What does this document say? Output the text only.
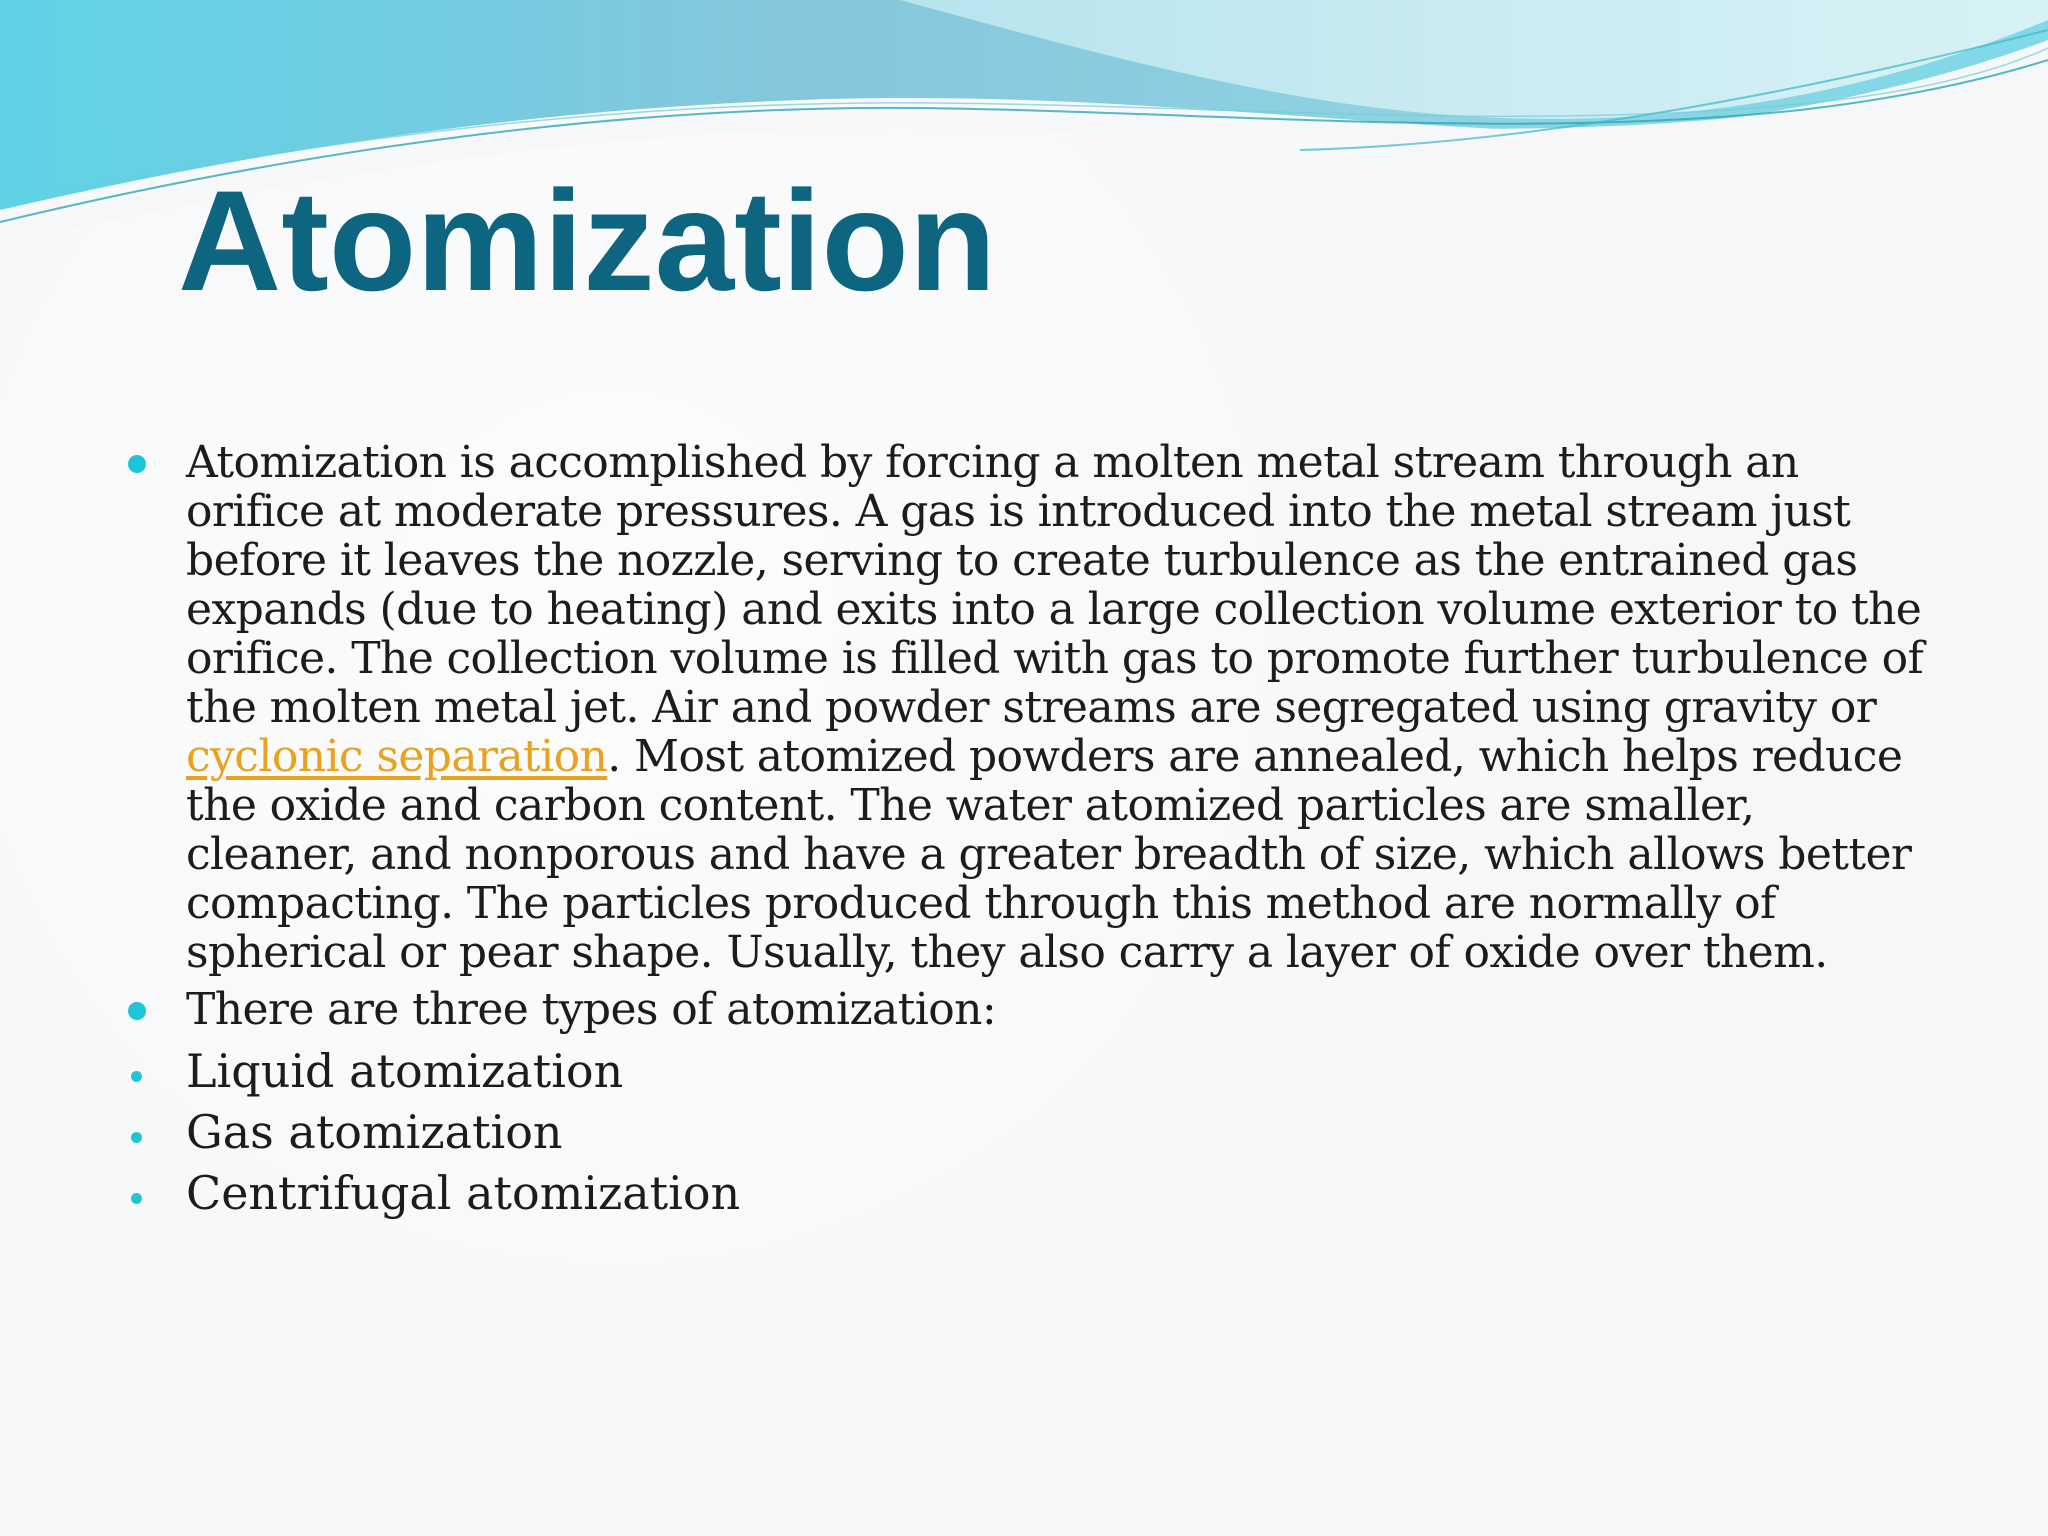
Atomization

Atomization is accomplished by forcing a molten metal stream through an orifice at moderate pressures. A gas is introduced into the metal stream just before it leaves the nozzle, serving to create turbulence as the entrained gas expands (due to heating) and exits into a large collection volume exterior to the orifice. The collection volume is filled with gas to promote further turbulence of the molten metal jet. Air and powder streams are segregated using gravity or cyclonic separation. Most atomized powders are annealed, which helps reduce the oxide and carbon content. The water atomized particles are smaller, cleaner, and nonporous and have a greater breadth of size, which allows better compacting. The particles produced through this method are normally of spherical or pear shape. Usually, they also carry a layer of oxide over them.

There are three types of atomization:

Liquid atomization
Gas atomization
Centrifugal atomization
